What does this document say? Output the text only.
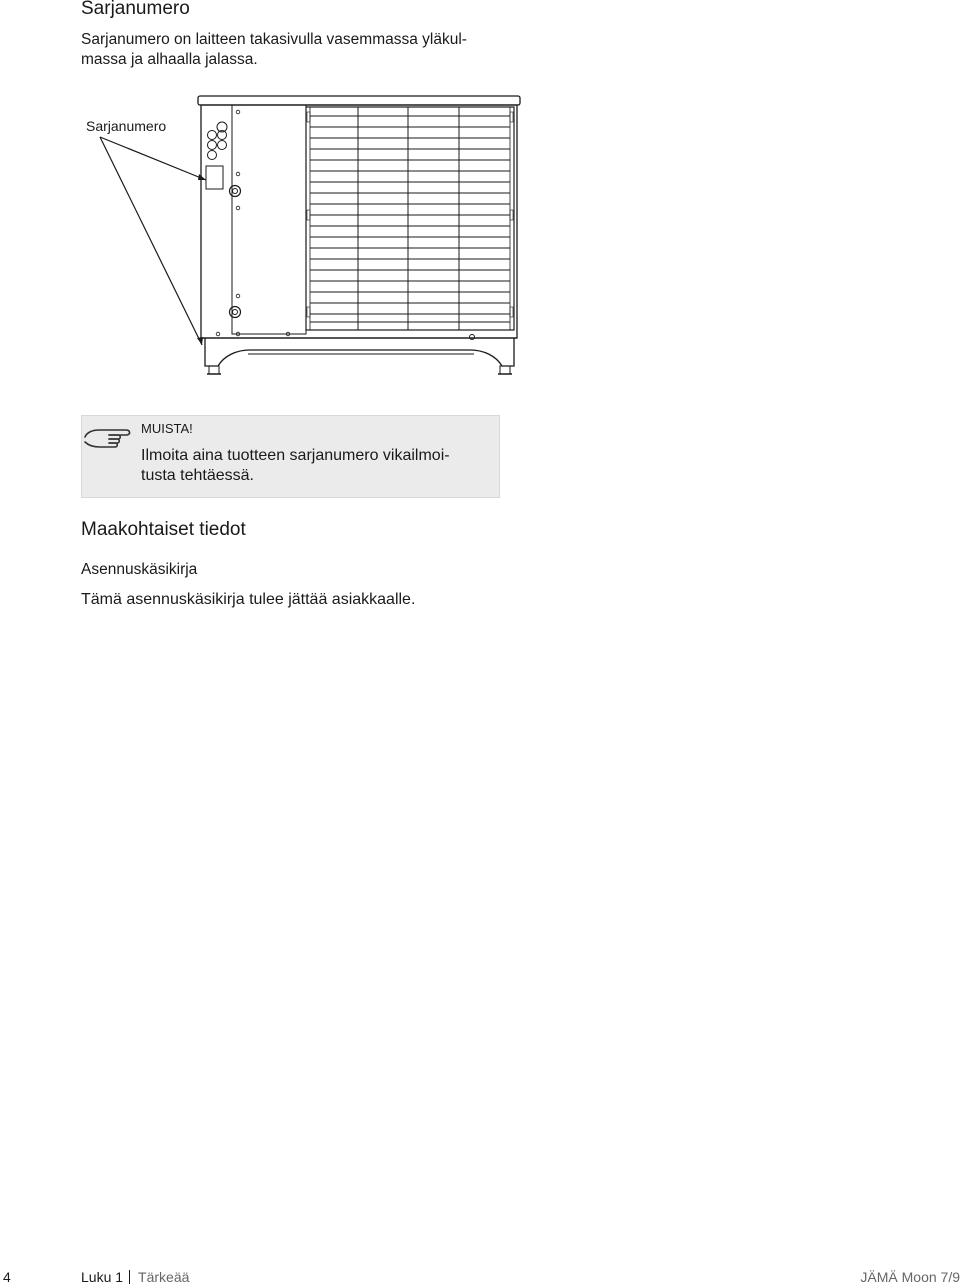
Sarjanumero
Sarjanumero on laitteen takasivulla vasemmassa yläkul-
massa ja alhaalla jalassa.
Sarjanumero
MUISTA!
Ilmoita aina tuotteen sarjanumero vikailmoi-
tusta tehtäessä.
Maakohtaiset tiedot
Asennuskäsikirja
Tämä asennuskäsikirja tulee jättää asiakkaalle.
4	Luku 1 Tärkeää	JÄMÄ Moon 7/9
